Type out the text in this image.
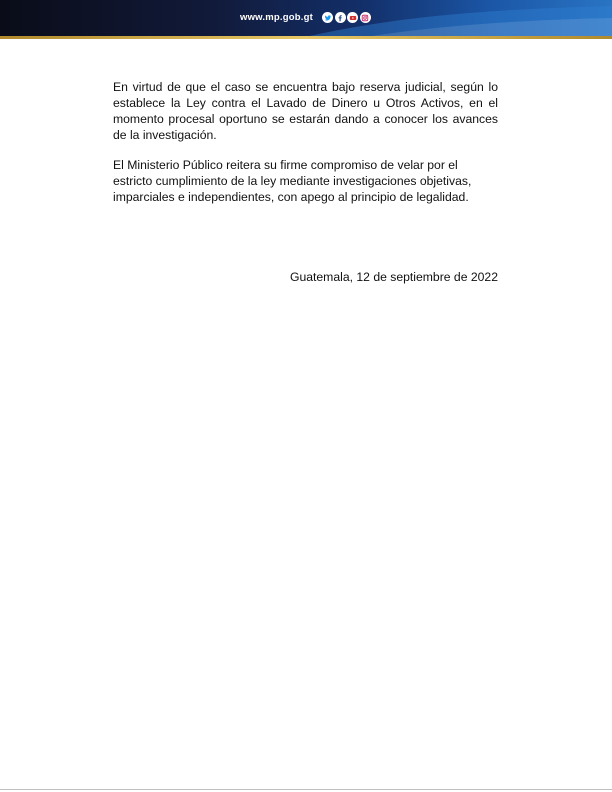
www.mp.gob.gt

En virtud de que el caso se encuentra bajo reserva judicial, según lo establece la Ley contra el Lavado de Dinero u Otros Activos, en el momento procesal oportuno se estarán dando a conocer los avances de la investigación.

El Ministerio Público reitera su firme compromiso de velar por el estricto cumplimiento de la ley mediante investigaciones objetivas, imparciales e independientes, con apego al principio de legalidad.

Guatemala, 12 de septiembre de 2022
